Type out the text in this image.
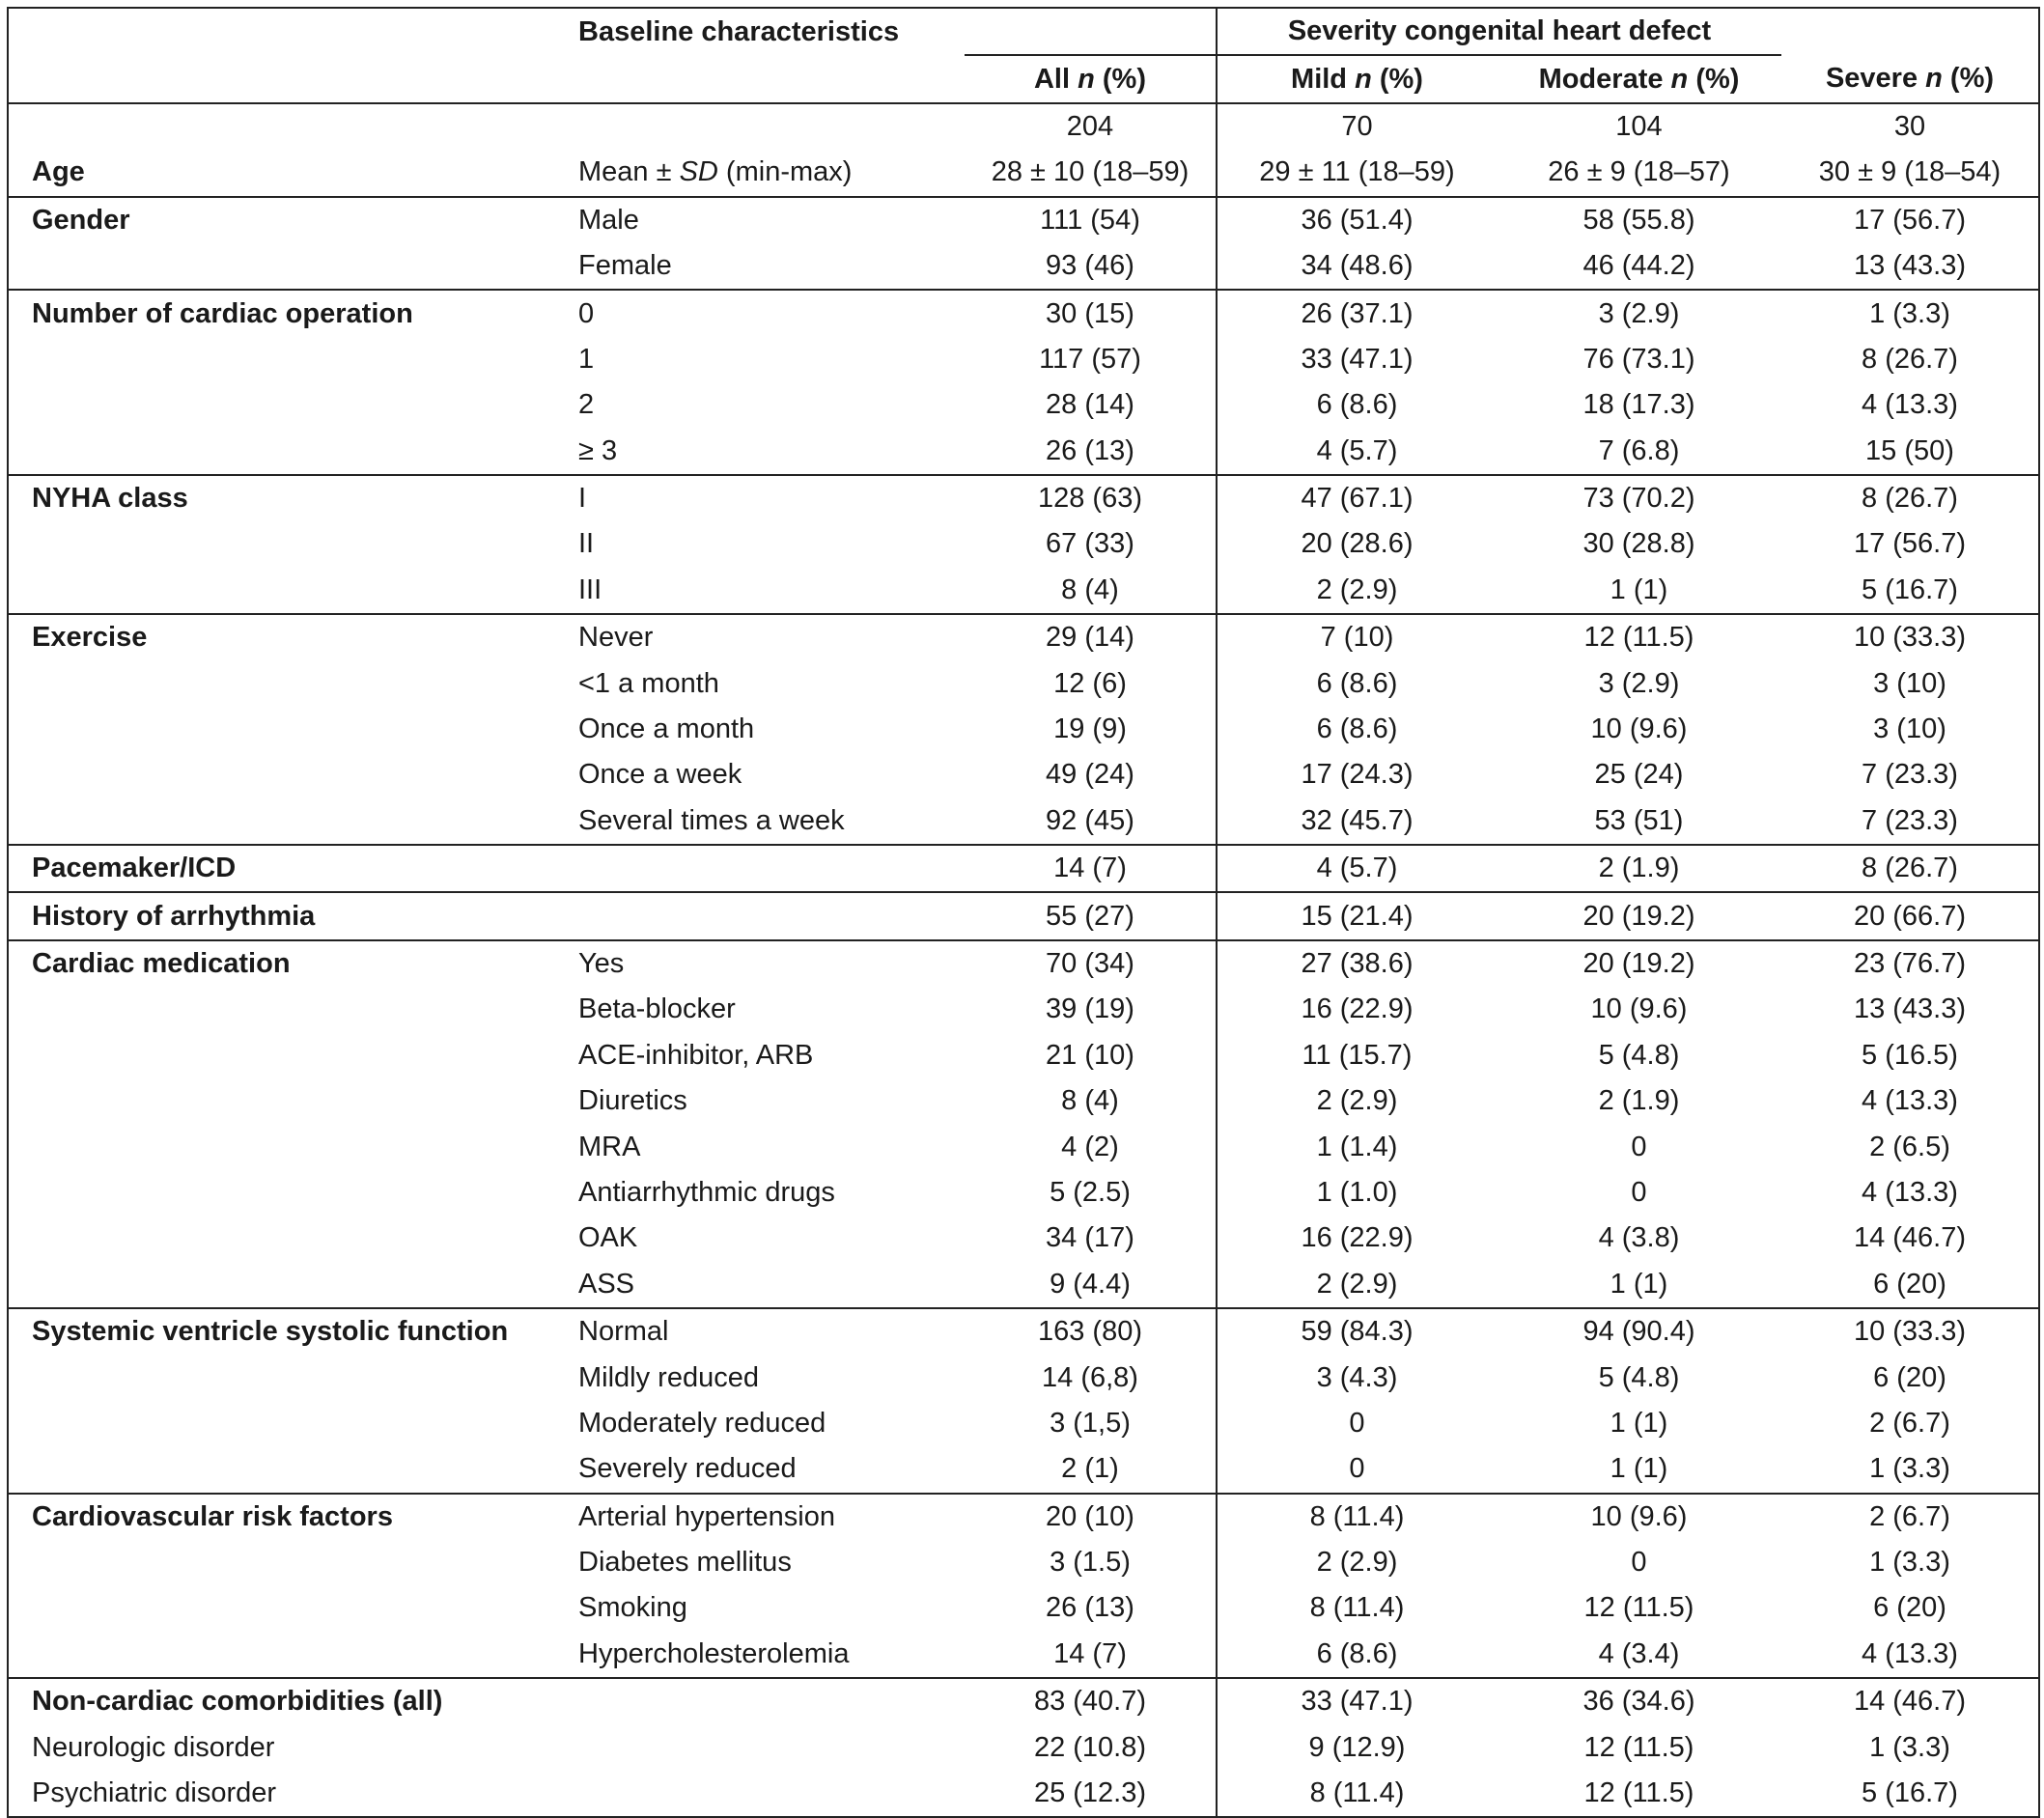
	Baseline characteristics		Severity congenital heart defect		
		All n (%)	Mild n (%)	Moderate n (%)	Severe n (%)
		204	70	104	30
Age	Mean ± SD (min-max)	28 ± 10 (18–59)	29 ± 11 (18–59)	26 ± 9 (18–57)	30 ± 9 (18–54)
Gender	Male	111 (54)	36 (51.4)	58 (55.8)	17 (56.7)
	Female	93 (46)	34 (48.6)	46 (44.2)	13 (43.3)
Number of cardiac operation	0	30 (15)	26 (37.1)	3 (2.9)	1 (3.3)
	1	117 (57)	33 (47.1)	76 (73.1)	8 (26.7)
	2	28 (14)	6 (8.6)	18 (17.3)	4 (13.3)
	≥ 3	26 (13)	4 (5.7)	7 (6.8)	15 (50)
NYHA class	I	128 (63)	47 (67.1)	73 (70.2)	8 (26.7)
	II	67 (33)	20 (28.6)	30 (28.8)	17 (56.7)
	III	8 (4)	2 (2.9)	1 (1)	5 (16.7)
Exercise	Never	29 (14)	7 (10)	12 (11.5)	10 (33.3)
	<1 a month	12 (6)	6 (8.6)	3 (2.9)	3 (10)
	Once a month	19 (9)	6 (8.6)	10 (9.6)	3 (10)
	Once a week	49 (24)	17 (24.3)	25 (24)	7 (23.3)
	Several times a week	92 (45)	32 (45.7)	53 (51)	7 (23.3)
Pacemaker/ICD		14 (7)	4 (5.7)	2 (1.9)	8 (26.7)
History of arrhythmia		55 (27)	15 (21.4)	20 (19.2)	20 (66.7)
Cardiac medication	Yes	70 (34)	27 (38.6)	20 (19.2)	23 (76.7)
	Beta-blocker	39 (19)	16 (22.9)	10 (9.6)	13 (43.3)
	ACE-inhibitor, ARB	21 (10)	11 (15.7)	5 (4.8)	5 (16.5)
	Diuretics	8 (4)	2 (2.9)	2 (1.9)	4 (13.3)
	MRA	4 (2)	1 (1.4)	0	2 (6.5)
	Antiarrhythmic drugs	5 (2.5)	1 (1.0)	0	4 (13.3)
	OAK	34 (17)	16 (22.9)	4 (3.8)	14 (46.7)
	ASS	9 (4.4)	2 (2.9)	1 (1)	6 (20)
Systemic ventricle systolic function	Normal	163 (80)	59 (84.3)	94 (90.4)	10 (33.3)
	Mildly reduced	14 (6,8)	3 (4.3)	5 (4.8)	6 (20)
	Moderately reduced	3 (1,5)	0	1 (1)	2 (6.7)
	Severely reduced	2 (1)	0	1 (1)	1 (3.3)
Cardiovascular risk factors	Arterial hypertension	20 (10)	8 (11.4)	10 (9.6)	2 (6.7)
	Diabetes mellitus	3 (1.5)	2 (2.9)	0	1 (3.3)
	Smoking	26 (13)	8 (11.4)	12 (11.5)	6 (20)
	Hypercholesterolemia	14 (7)	6 (8.6)	4 (3.4)	4 (13.3)
Non-cardiac comorbidities (all)		83 (40.7)	33 (47.1)	36 (34.6)	14 (46.7)
Neurologic disorder		22 (10.8)	9 (12.9)	12 (11.5)	1 (3.3)
Psychiatric disorder		25 (12.3)	8 (11.4)	12 (11.5)	5 (16.7)
